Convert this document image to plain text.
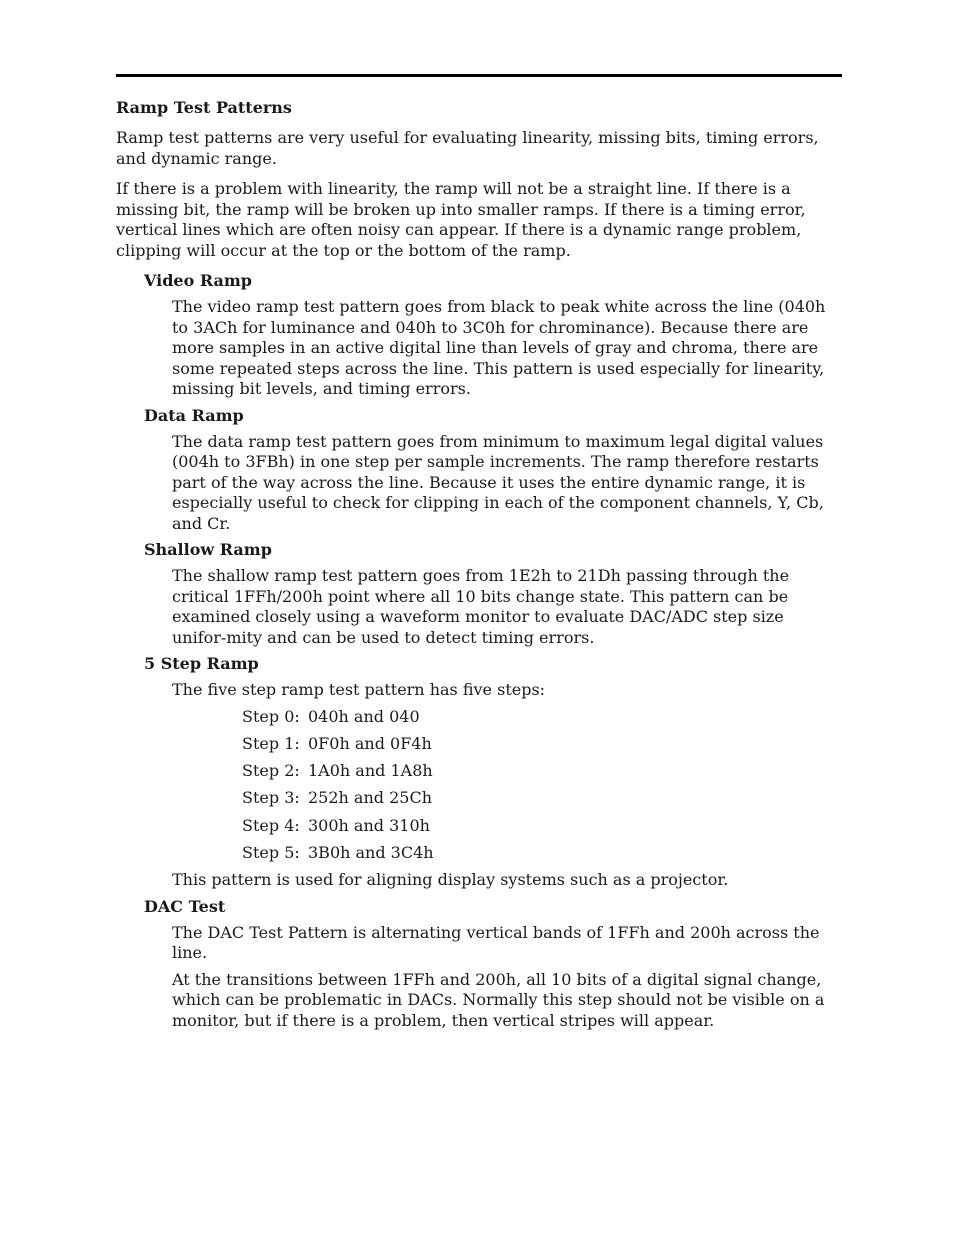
Ramp Test Patterns

Ramp test patterns are very useful for evaluating linearity, missing bits, timing errors, and dynamic range.

If there is a problem with linearity, the ramp will not be a straight line. If there is a missing bit, the ramp will be broken up into smaller ramps. If there is a timing error, vertical lines which are often noisy can appear. If there is a dynamic range problem, clipping will occur at the top or the bottom of the ramp.

Video Ramp

The video ramp test pattern goes from black to peak white across the line (040h to 3ACh for luminance and 040h to 3C0h for chrominance). Because there are more samples in an active digital line than levels of gray and chroma, there are some repeated steps across the line. This pattern is used especially for linearity, missing bit levels, and timing errors.

Data Ramp

The data ramp test pattern goes from minimum to maximum legal digital values (004h to 3FBh) in one step per sample increments. The ramp therefore restarts part of the way across the line. Because it uses the entire dynamic range, it is especially useful to check for clipping in each of the component channels, Y, Cb, and Cr.

Shallow Ramp

The shallow ramp test pattern goes from 1E2h to 21Dh passing through the critical 1FFh/200h point where all 10 bits change state. This pattern can be examined closely using a waveform monitor to evaluate DAC/ADC step size unifor-mity and can be used to detect timing errors.

5 Step Ramp

The five step ramp test pattern has five steps:

Step 0: 040h and 040
Step 1: 0F0h and 0F4h
Step 2: 1A0h and 1A8h
Step 3: 252h and 25Ch
Step 4: 300h and 310h
Step 5: 3B0h and 3C4h

This pattern is used for aligning display systems such as a projector.

DAC Test

The DAC Test Pattern is alternating vertical bands of 1FFh and 200h across the line.

At the transitions between 1FFh and 200h, all 10 bits of a digital signal change, which can be problematic in DACs. Normally this step should not be visible on a monitor, but if there is a problem, then vertical stripes will appear.
